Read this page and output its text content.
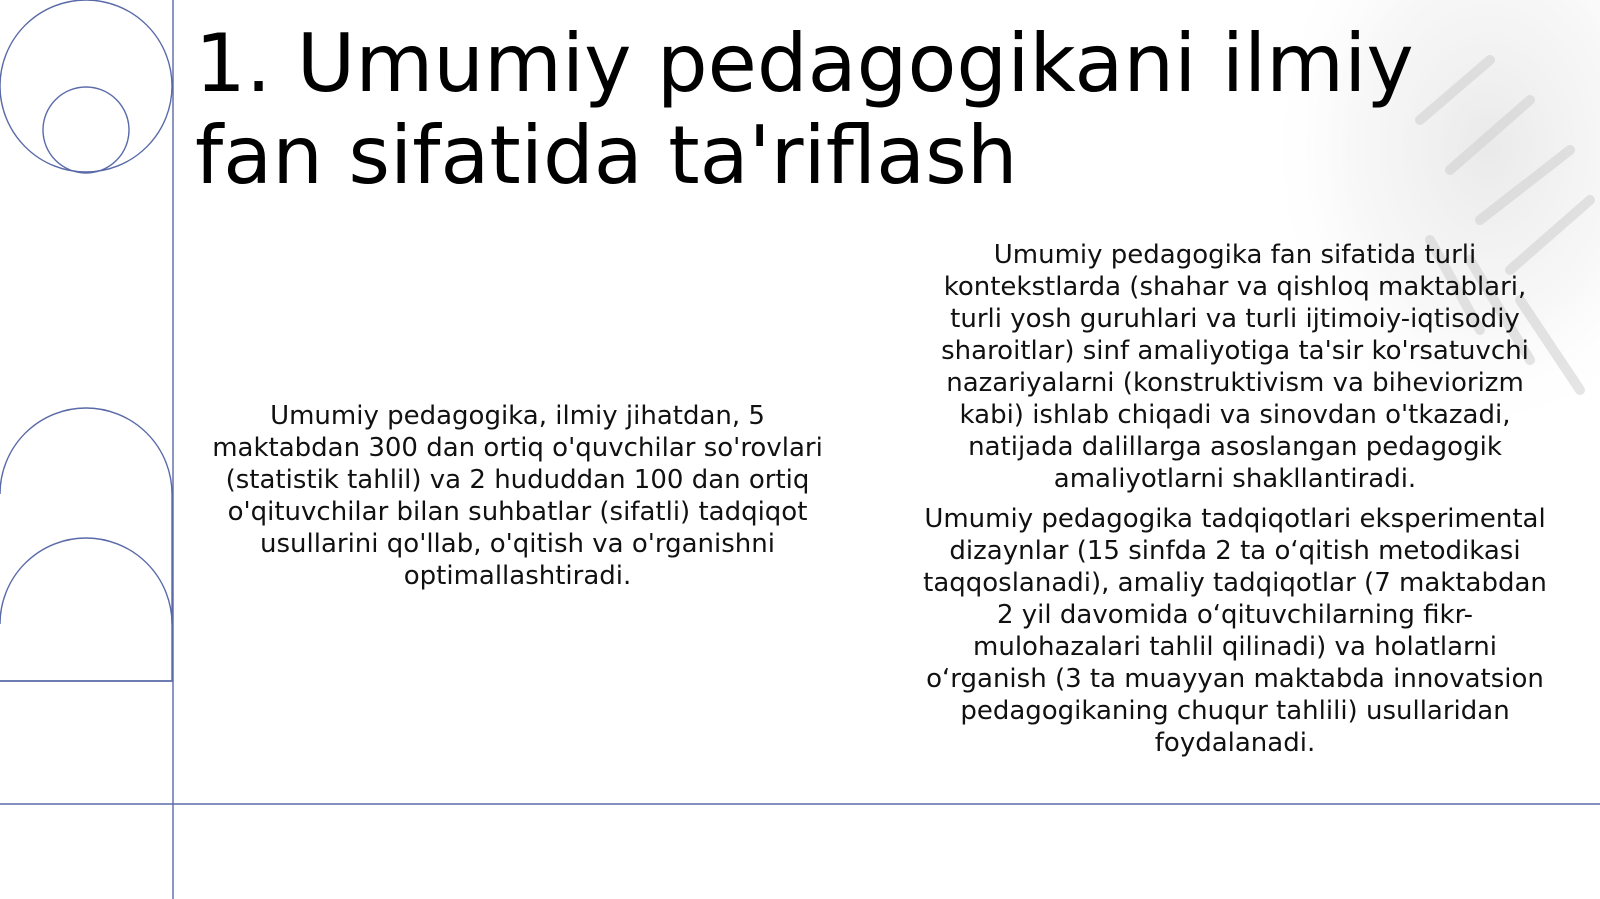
1. Umumiy pedagogikani ilmiy fan sifatida ta'riflash

Umumiy pedagogika, ilmiy jihatdan, 5 maktabdan 300 dan ortiq o'quvchilar so'rovlari (statistik tahlil) va 2 hududdan 100 dan ortiq o'qituvchilar bilan suhbatlar (sifatli) tadqiqot usullarini qo'llab, o'qitish va o'rganishni optimallashtiradi.

Umumiy pedagogika fan sifatida turli kontekstlarda (shahar va qishloq maktablari, turli yosh guruhlari va turli ijtimoiy-iqtisodiy sharoitlar) sinf amaliyotiga ta'sir ko'rsatuvchi nazariyalarni (konstruktivism va biheviorizm kabi) ishlab chiqadi va sinovdan o'tkazadi, natijada dalillarga asoslangan pedagogik amaliyotlarni shakllantiradi.

Umumiy pedagogika tadqiqotlari eksperimental dizaynlar (15 sinfda 2 ta o‘qitish metodikasi taqqoslanadi), amaliy tadqiqotlar (7 maktabdan 2 yil davomida o‘qituvchilarning fikr-mulohazalari tahlil qilinadi) va holatlarni o‘rganish (3 ta muayyan maktabda innovatsion pedagogikaning chuqur tahlili) usullaridan foydalanadi.
